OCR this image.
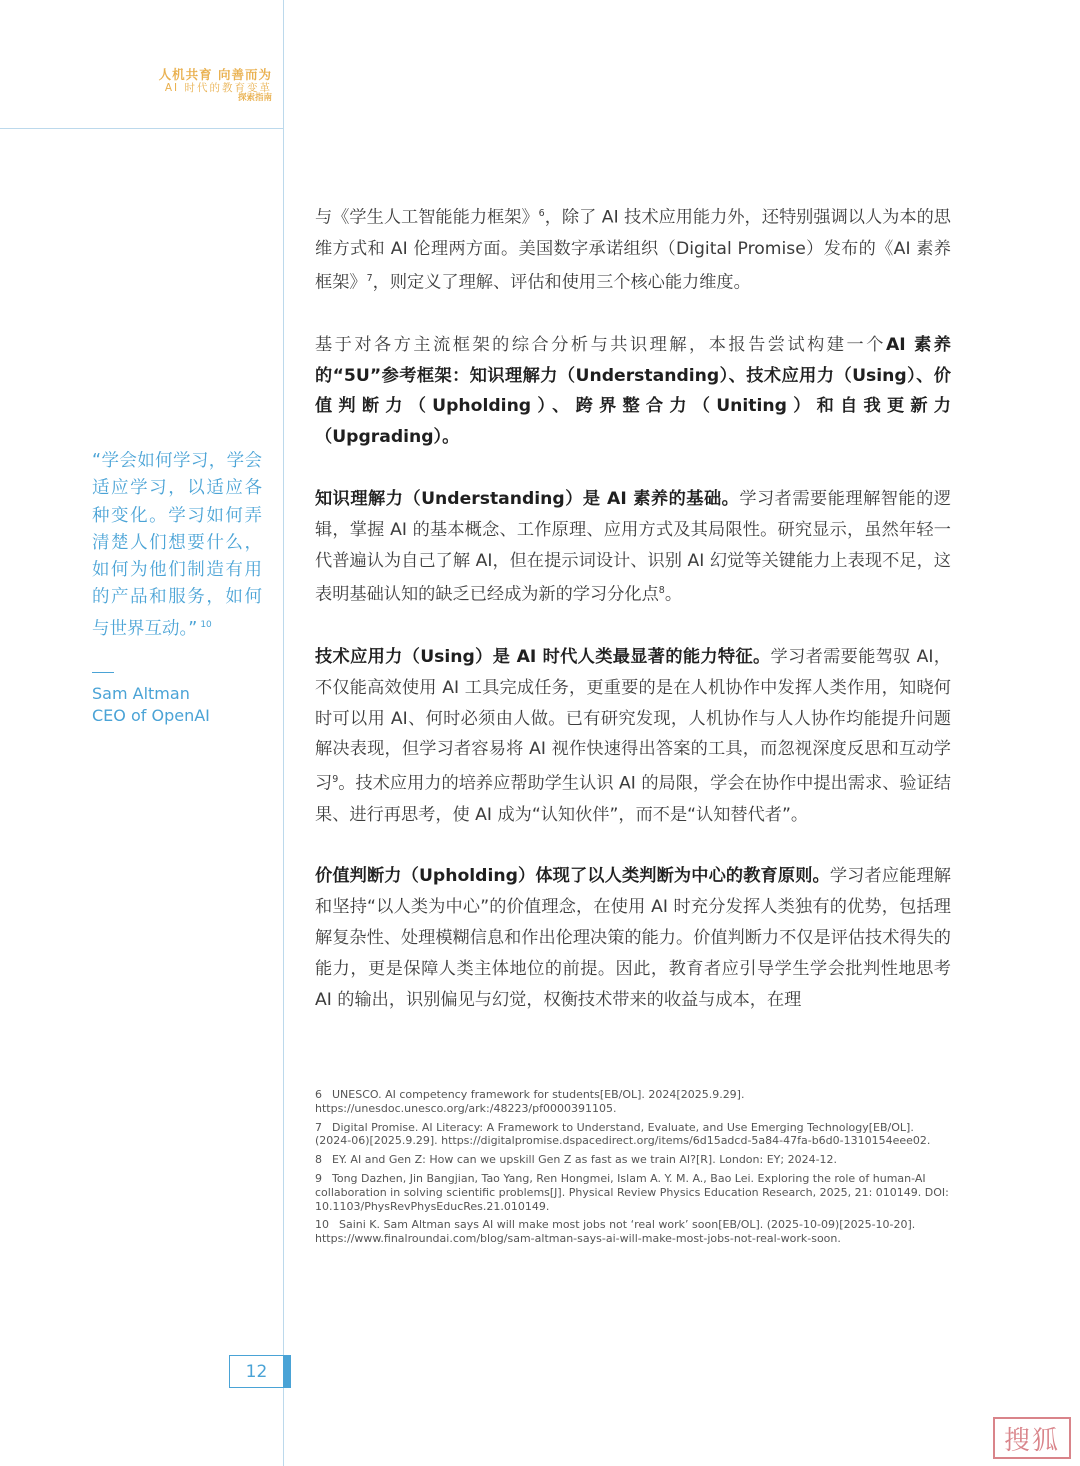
人机共育 向善而为
AI 时代的教育变革
探索指南
“学会如何学习，学会适应学习，以适应各种变化。学习如何弄清楚人们想要什么，如何为他们制造有用的产品和服务，如何与世界互动。” $^{10}$
Sam Altman
CEO of OpenAI

与《学生人工智能能力框架》$^6$，除了 AI 技术应用能力外，还特别强调以人为本的思维方式和 AI 伦理两方面。美国数字承诺组织（Digital Promise）发布的《AI 素养框架》$^7$，则定义了理解、评估和使用三个核心能力维度。

基于对各方主流框架的综合分析与共识理解，本报告尝试构建一个AI 素养的“5U”参考框架：知识理解力（Understanding）、技术应用力（Using）、价值判断力（Upholding）、跨界整合力（Uniting）和自我更新力（Upgrading）。

知识理解力（Understanding）是 AI 素养的基础。学习者需要能理解智能的逻辑，掌握 AI 的基本概念、工作原理、应用方式及其局限性。研究显示，虽然年轻一代普遍认为自己了解 AI，但在提示词设计、识别 AI 幻觉等关键能力上表现不足，这表明基础认知的缺乏已经成为新的学习分化点$^8$。

技术应用力（Using）是 AI 时代人类最显著的能力特征。学习者需要能驾驭 AI，不仅能高效使用 AI 工具完成任务，更重要的是在人机协作中发挥人类作用，知晓何时可以用 AI、何时必须由人做。已有研究发现，人机协作与人人协作均能提升问题解决表现，但学习者容易将 AI 视作快速得出答案的工具，而忽视深度反思和互动学习$^9$。技术应用力的培养应帮助学生认识 AI 的局限，学会在协作中提出需求、验证结果、进行再思考，使 AI 成为“认知伙伴”，而不是“认知替代者”。

价值判断力（Upholding）体现了以人类判断为中心的教育原则。学习者应能理解和坚持“以人类为中心”的价值理念，在使用 AI 时充分发挥人类独有的优势，包括理解复杂性、处理模糊信息和作出伦理决策的能力。价值判断力不仅是评估技术得失的能力，更是保障人类主体地位的前提。因此，教育者应引导学生学会批判性地思考 AI 的输出，识别偏见与幻觉，权衡技术带来的收益与成本，在理

6 UNESCO. AI competency framework for students[EB/OL]. 2024[2025.9.29]. https://unesdoc.unesco.org/ark:/48223/pf0000391105.
7 Digital Promise. AI Literacy: A Framework to Understand, Evaluate, and Use Emerging Technology[EB/OL]. (2024-06)[2025.9.29]. https://digitalpromise.dspacedirect.org/items/6d15adcd-5a84-47fa-b6d0-1310154eee02.
8 EY. AI and Gen Z: How can we upskill Gen Z as fast as we train AI?[R]. London: EY; 2024-12.
9 Tong Dazhen, Jin Bangjian, Tao Yang, Ren Hongmei, Islam A. Y. M. A., Bao Lei. Exploring the role of human-AI collaboration in solving scientific problems[J]. Physical Review Physics Education Research, 2025, 21: 010149. DOI: 10.1103/PhysRevPhysEducRes.21.010149.
10 Saini K. Sam Altman says AI will make most jobs not ‘real work’ soon[EB/OL]. (2025-10-09)[2025-10-20]. https://www.finalroundai.com/blog/sam-altman-says-ai-will-make-most-jobs-not-real-work-soon.
12
搜狐
